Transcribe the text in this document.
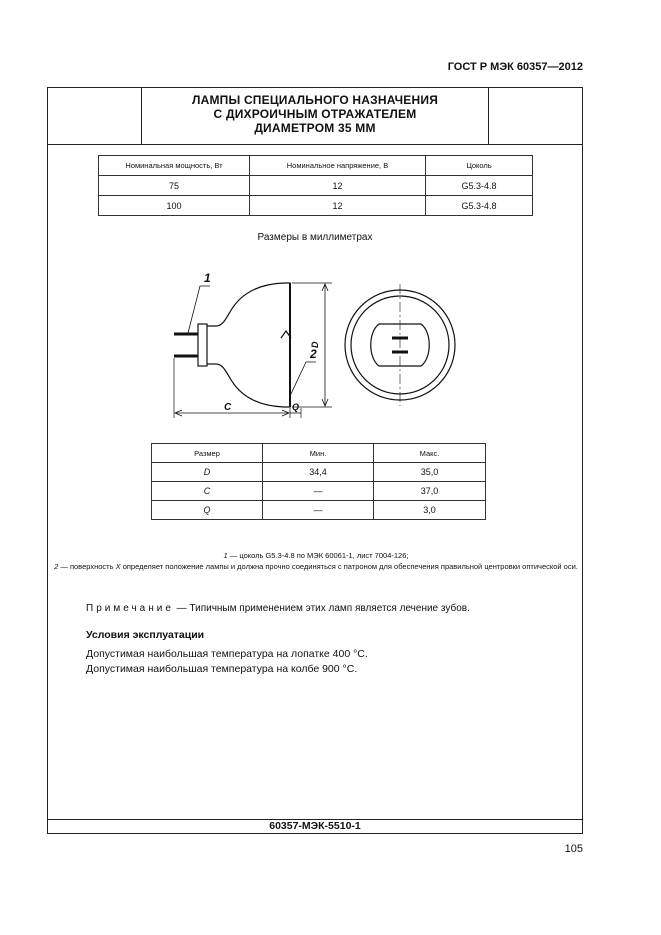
ГОСТ Р МЭК 60357—2012
ЛАМПЫ СПЕЦИАЛЬНОГО НАЗНАЧЕНИЯ
С ДИХРОИЧНЫМ ОТРАЖАТЕЛЕМ
ДИАМЕТРОМ 35 ММ
Номинальная мощность, Вт	Номинальное напряжение, В	Цоколь
75	12	G5.3-4.8
100	12	G5.3-4.8
Размеры в миллиметрах
1
2
C	Q
D
Размер	Мин.	Макс.
D	34,4	35,0
C	—	37,0
Q	—	3,0
1 — цоколь G5.3-4.8 по МЭК 60061-1, лист 7004-126;
2 — поверхность X определяет положение лампы и должна прочно соединяться с патроном для обеспечения правильной центровки оптической оси.
Примечание — Типичным применением этих ламп является лечение зубов.
Условия эксплуатации
Допустимая наибольшая температура на лопатке 400 °С.
Допустимая наибольшая температура на колбе 900 °С.
60357-МЭК-5510-1
105
